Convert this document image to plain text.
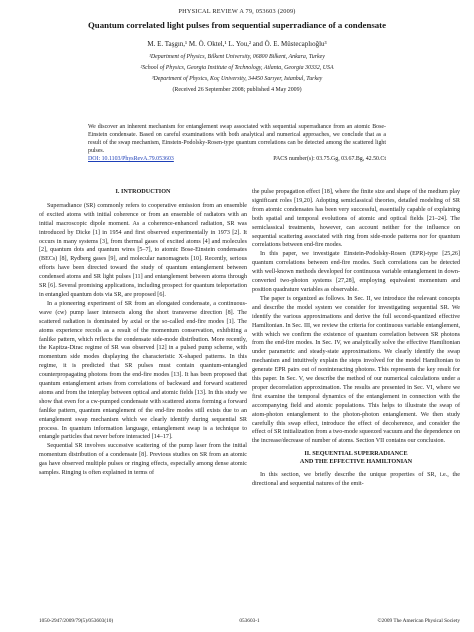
PHYSICAL REVIEW A 79, 053603 (2009)
Quantum correlated light pulses from sequential superradiance of a condensate
M. E. Taşgın,¹ M. Ö. Oktel,¹ L. You,² and Ö. E. Müstecaplıoğlu³
¹Department of Physics, Bilkent University, 06800 Bilkent, Ankara, Turkey
²School of Physics, Georgia Institute of Technology, Atlanta, Georgia 30332, USA
³Department of Physics, Koç University, 34450 Sarıyer, Istanbul, Turkey
(Received 26 September 2008; published 4 May 2009)
We discover an inherent mechanism for entanglement swap associated with sequential superradiance from an atomic Bose-Einstein condensate. Based on careful examinations with both analytical and numerical approaches, we conclude that as a result of the swap mechanism, Einstein-Podolsky-Rosen-type quantum correlations can be detected among the scattered light pulses.
DOI: 10.1103/PhysRevA.79.053603	PACS number(s): 03.75.Gg, 03.67.Bg, 42.50.Ct
I. INTRODUCTION

Superradiance (SR) commonly refers to cooperative emission from an ensemble of excited atoms with initial coherence or from an ensemble of radiators with an initial macroscopic dipole moment. As a coherence-enhanced radiation, SR was introduced by Dicke [1] in 1954 and first observed experimentally in 1973 [2]. It occurs in many systems [3], from thermal gases of excited atoms [4] and molecules [2], quantum dots and quantum wires [5–7], to atomic Bose-Einstein condensates (BECs) [8], Rydberg gases [9], and molecular nanomagnets [10]. Recently, serious efforts have been directed toward the study of quantum entanglement between condensed atoms and SR light pulses [11] and entanglement between atoms through SR [6]. Several promising applications, including prospect for quantum teleportation in entangled quantum dots via SR, are proposed [6].

In a pioneering experiment of SR from an elongated condensate, a continuous-wave (cw) pump laser intersects along the short transverse direction [8]. The scattered radiation is dominated by axial or the so-called end-fire modes [1]. The atoms experience recoils as a result of the momentum conservation, exhibiting a fanlike pattern, which reflects the condensate side-mode distribution. More recently, the Kapitza-Dirac regime of SR was observed [12] in a pulsed pump scheme, with momentum side modes displaying the characteristic X-shaped patterns. In this regime, it is predicted that SR pulses must contain quantum-entangled counterpropagating photons from the end-fire modes [13]. It has been proposed that quantum entanglement arises from correlations of backward and forward scattered atoms and from the interplay between optical and atomic fields [13]. In this study we show that even for a cw-pumped condensate with scattered atoms forming a forward fanlike pattern, quantum entanglement of the end-fire modes still exists due to an entanglement swap mechanism which we clearly identify during sequential SR process. In quantum information language, entanglement swap is a technique to entangle particles that never before interacted [14–17].

Sequential SR involves successive scattering of the pump laser from the initial momentum distribution of a condensate [8]. Previous studies on SR from an atomic gas have observed multiple pulses or ringing effects, especially among dense atomic samples. Ringing is often explained in terms of

the pulse propagation effect [18], where the finite size and shape of the medium play significant roles [19,20]. Adopting semiclassical theories, detailed modeling of SR from atomic condensates has been very successful, essentially capable of explaining both spatial and temporal evolutions of atomic and optical fields [21–24]. The semiclassical treatments, however, can account neither for the influence on sequential scattering associated with ring from side-mode patterns nor for quantum correlations between end-fire modes.

In this paper, we investigate Einstein-Podolsky-Rosen (EPR)-type [25,26] quantum correlations between end-fire modes. Such correlations can be detected with well-known methods developed for continuous variable entanglement in down-converted two-photon systems [27,28], employing equivalent momentum and position quadrature variables as observable.

The paper is organized as follows. In Sec. II, we introduce the relevant concepts and describe the model system we consider for investigating sequential SR. We identify the various approximations and derive the full second-quantized effective Hamiltonian. In Sec. III, we review the criteria for continuous variable entanglement, with which we confirm the existence of quantum correlation between SR photons from the end-fire modes. In Sec. IV, we analytically solve the effective Hamiltonian under parametric and steady-state approximations. We clearly identify the swap mechanism and intuitively explain the steps involved for the model Hamiltonian to generate EPR pairs out of noninteracting photons. This represents the key result for this paper. In Sec. V, we describe the method of our numerical calculations under a proper decorrelation approximation. The results are presented in Sec. VI, where we first examine the temporal dynamics of the entanglement in connection with the accompanying field and atomic populations. This helps to illustrate the swap of atom-photon entanglement to the photon-photon entanglement. We then study carefully this swap effect, introduce the effect of decoherence, and consider the effect of SR initialization from a two-mode squeezed vacuum and the dependence on the increase/decrease of number of atoms. Section VII contains our conclusion.

II. SEQUENTIAL SUPERRADIANCE
AND THE EFFECTIVE HAMILTONIAN

In this section, we briefly describe the unique properties of SR, i.e., the directional and sequential natures of the emit-

1050-2947/2009/79(5)/053603(10)	053603-1	©2009 The American Physical Society
